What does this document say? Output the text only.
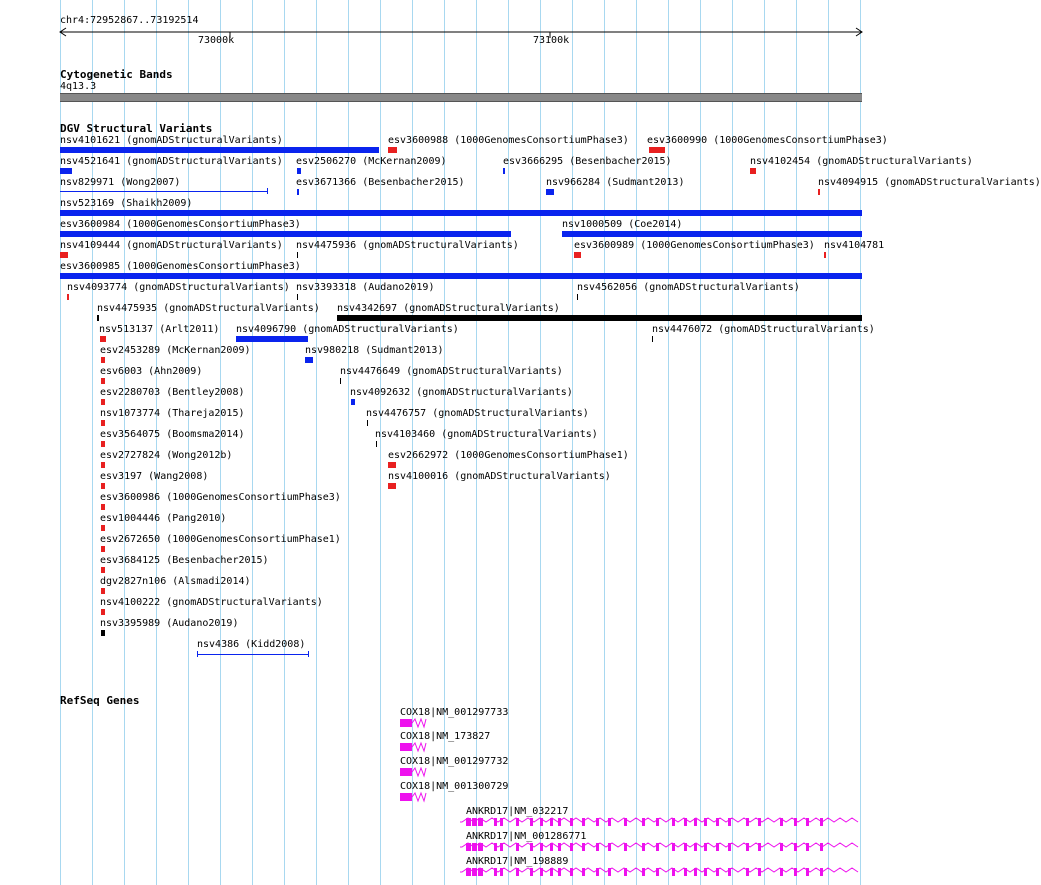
chr4:72952867..73192514
73000k	73100k
Cytogenetic Bands
4q13.3
DGV Structural Variants
nsv4101621 (gnomADStructuralVariants)	esv3600988 (1000GenomesConsortiumPhase3) esv3600990 (1000GenomesConsortiumPhase3)
nsv4521641 (gnomADStructuralVariants) esv2506270 (McKernan2009)	esv3666295 (Besenbacher2015)	nsv4102454 (gnomADStructuralVariants)
nsv829971 (Wong2007)	esv3671366 (Besenbacher2015)	nsv966284 (Sudmant2013)	nsv4094915 (gnomADStructuralVariants)
nsv523169 (Shaikh2009)
esv3600984 (1000GenomesConsortiumPhase3)	nsv1000509 (Coe2014)
nsv4109444 (gnomADStructuralVariants) nsv4475936 (gnomADStructuralVariants)	esv3600989 (1000GenomesConsortiumPhase3) nsv4104781
esv3600985 (1000GenomesConsortiumPhase3)
nsv4093774 (gnomADStructuralVariants) nsv3393318 (Audano2019)	nsv4562056 (gnomADStructuralVariants)
nsv4475935 (gnomADStructuralVariants) nsv4342697 (gnomADStructuralVariants)
nsv513137 (Arlt2011) nsv4096790 (gnomADStructuralVariants)	nsv4476072 (gnomADStructuralVariants)
esv2453289 (McKernan2009)	nsv980218 (Sudmant2013)
esv6003 (Ahn2009)	nsv4476649 (gnomADStructuralVariants)
esv2280703 (Bentley2008)	nsv4092632 (gnomADStructuralVariants)
nsv1073774 (Thareja2015)	nsv4476757 (gnomADStructuralVariants)
esv3564075 (Boomsma2014)	nsv4103460 (gnomADStructuralVariants)
esv2727824 (Wong2012b)	esv2662972 (1000GenomesConsortiumPhase1)
esv3197 (Wang2008)	nsv4100016 (gnomADStructuralVariants)
esv3600986 (1000GenomesConsortiumPhase3)
esv1004446 (Pang2010)
esv2672650 (1000GenomesConsortiumPhase1)
esv3684125 (Besenbacher2015)
dgv2827n106 (Alsmadi2014)
nsv4100222 (gnomADStructuralVariants)
nsv3395989 (Audano2019)
nsv4386 (Kidd2008)
RefSeq Genes
COX18|NM_001297733
COX18|NM_173827
COX18|NM_001297732
COX18|NM_001300729
ANKRD17|NM_032217
ANKRD17|NM_001286771
ANKRD17|NM_198889
